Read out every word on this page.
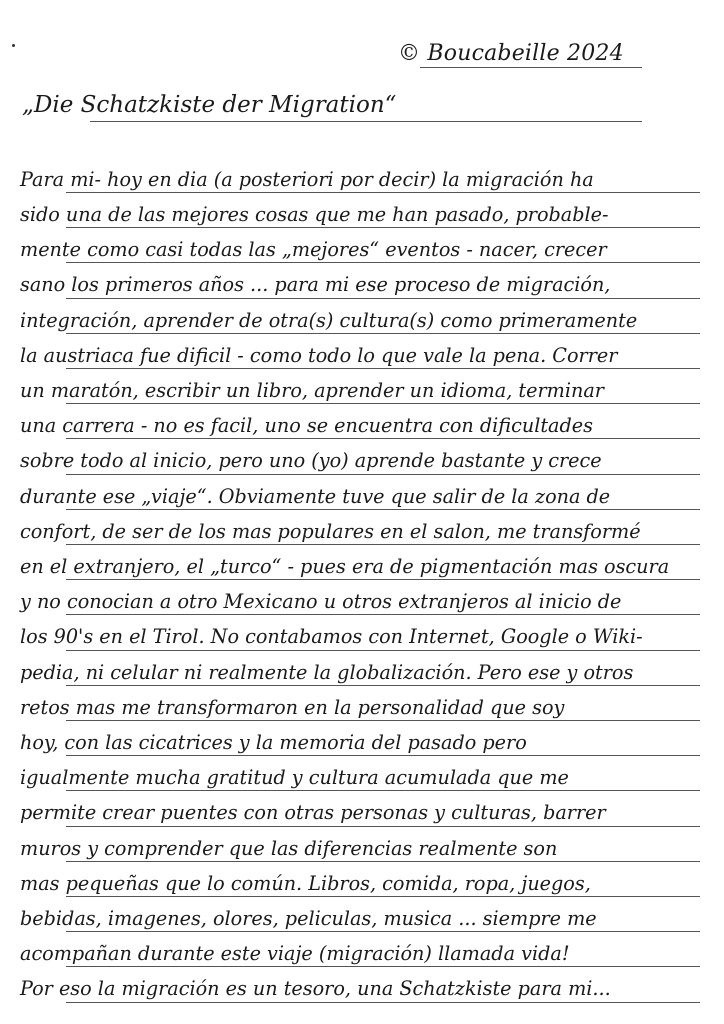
© Boucabeille 2024
„Die Schatzkiste der Migration“
Para mi- hoy en dia (a posteriori por decir) la migración ha
sido una de las mejores cosas que me han pasado, probable-
mente como casi todas las „mejores“ eventos - nacer, crecer
sano los primeros años ... para mi ese proceso de migración,
integración, aprender de otra(s) cultura(s) como primeramente
la austriaca fue dificil - como todo lo que vale la pena. Correr
un maratón, escribir un libro, aprender un idioma, terminar
una carrera - no es facil, uno se encuentra con dificultades
sobre todo al inicio, pero uno (yo) aprende bastante y crece
durante ese „viaje“. Obviamente tuve que salir de la zona de
confort, de ser de los mas populares en el salon, me transformé
en el extranjero, el „turco“ - pues era de pigmentación mas oscura
y no conocian a otro Mexicano u otros extranjeros al inicio de
los 90's en el Tirol. No contabamos con Internet, Google o Wiki-
pedia, ni celular ni realmente la globalización. Pero ese y otros
retos mas me transformaron en la personalidad que soy
hoy, con las cicatrices y la memoria del pasado pero
igualmente mucha gratitud y cultura acumulada que me
permite crear puentes con otras personas y culturas, barrer
muros y comprender que las diferencias realmente son
mas pequeñas que lo común. Libros, comida, ropa, juegos,
bebidas, imagenes, olores, peliculas, musica ... siempre me
acompañan durante este viaje (migración) llamada vida!
Por eso la migración es un tesoro, una Schatzkiste para mi...
